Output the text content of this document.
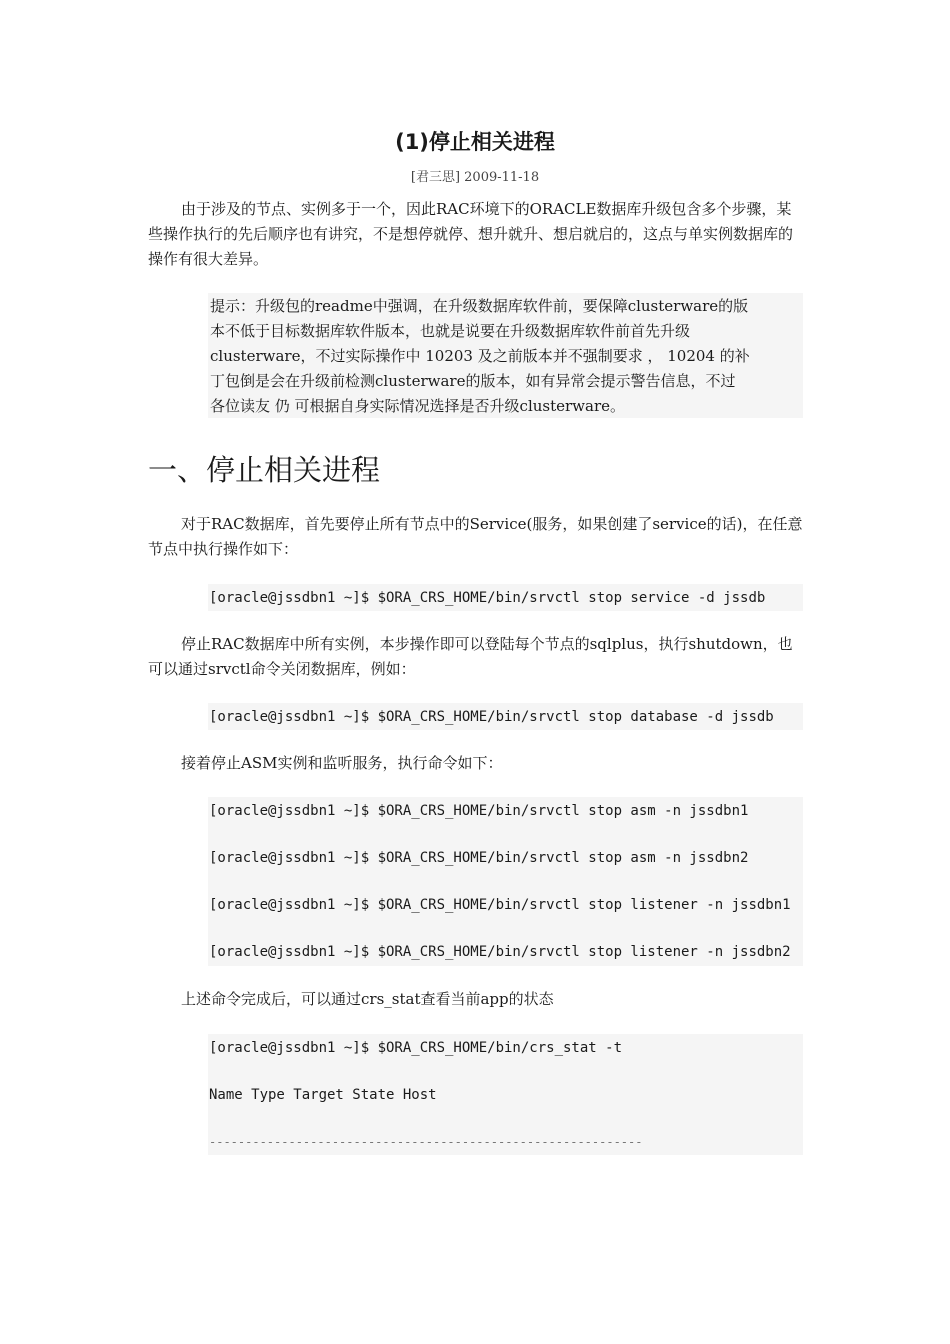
(1)停止相关进程
[君三思] 2009-11-18

由于涉及的节点、实例多于一个，因此RAC环境下的ORACLE数据库升级包含多个步骤，某些操作执行的先后顺序也有讲究，不是想停就停、想升就升、想启就启的，这点与单实例数据库的操作有很大差异。

提示：升级包的readme中强调，在升级数据库软件前，要保障clusterware的版

本不低于目标数据库软件版本，也就是说要在升级数据库软件前首先升级

clusterware，不过实际操作中 10203 及之前版本并不强制要求 ， 10204 的补

丁包倒是会在升级前检测clusterware的版本，如有异常会提示警告信息，不过

各位读友 仍 可根据自身实际情况选择是否升级clusterware。

一、停止相关进程

对于RAC数据库，首先要停止所有节点中的Service(服务，如果创建了service的话)，在任意节点中执行操作如下：

[oracle@jssdbn1 ~]$ $ORA_CRS_HOME/bin/srvctl stop service -d jssdb

停止RAC数据库中所有实例，本步操作即可以登陆每个节点的sqlplus，执行shutdown，也可以通过srvctl命令关闭数据库，例如：

[oracle@jssdbn1 ~]$ $ORA_CRS_HOME/bin/srvctl stop database -d jssdb

接着停止ASM实例和监听服务，执行命令如下：

[oracle@jssdbn1 ~]$ $ORA_CRS_HOME/bin/srvctl stop asm -n jssdbn1

[oracle@jssdbn1 ~]$ $ORA_CRS_HOME/bin/srvctl stop asm -n jssdbn2

[oracle@jssdbn1 ~]$ $ORA_CRS_HOME/bin/srvctl stop listener -n jssdbn1

[oracle@jssdbn1 ~]$ $ORA_CRS_HOME/bin/srvctl stop listener -n jssdbn2

上述命令完成后，可以通过crs_stat查看当前app的状态

[oracle@jssdbn1 ~]$ $ORA_CRS_HOME/bin/crs_stat -t

Name Type Target State Host

------------------------------------------------------------
